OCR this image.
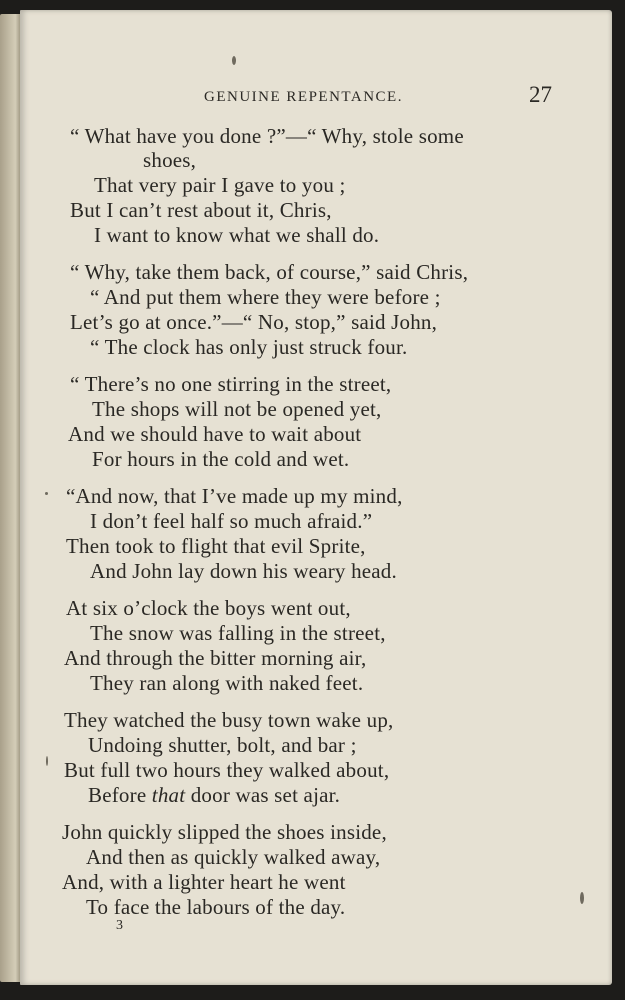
GENUINE REPENTANCE.	27
“ What have you done ?”—“ Why, stole some
shoes,
That very pair I gave to you ;
But I can’t rest about it, Chris,
I want to know what we shall do.
“ Why, take them back, of course,” said Chris,
“ And put them where they were before ;
Let’s go at once.”—“ No, stop,” said John,
“ The clock has only just struck four.
“ There’s no one stirring in the street,
The shops will not be opened yet,
And we should have to wait about
For hours in the cold and wet.
“And now, that I’ve made up my mind,
I don’t feel half so much afraid.”
Then took to flight that evil Sprite,
And John lay down his weary head.
At six o’clock the boys went out,
The snow was falling in the street,
And through the bitter morning air,
They ran along with naked feet.
They watched the busy town wake up,
Undoing shutter, bolt, and bar ;
But full two hours they walked about,
Before that door was set ajar.
John quickly slipped the shoes inside,
And then as quickly walked away,
And, with a lighter heart he went
To face the labours of the day.
3
